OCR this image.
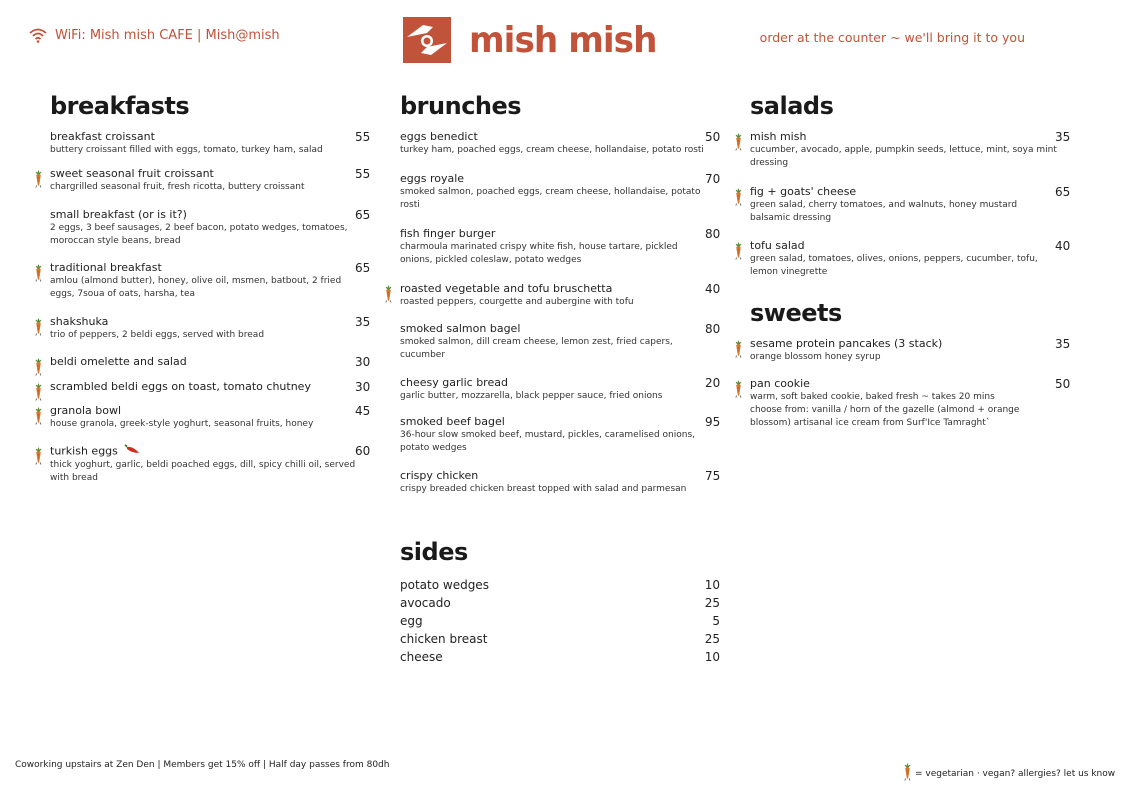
WiFi: Mish mish CAFE | Mish@mish	mish mish	order at the counter ~ we'll bring it to you
breakfasts
breakfast croissant
buttery croissant filled with eggs, tomato, turkey ham, salad
55
sweet seasonal fruit croissant
chargrilled seasonal fruit, fresh ricotta, buttery croissant
55
small breakfast (or is it?)
2 eggs, 3 beef sausages, 2 beef bacon, potato wedges, tomatoes, moroccan style beans, bread
65
traditional breakfast
amlou (almond butter), honey, olive oil, msmen, batbout, 2 fried eggs, 7soua of oats, harsha, tea
65
shakshuka
trio of peppers, 2 beldi eggs, served with bread
35
beldi omelette and salad	30
scrambled beldi eggs on toast, tomato chutney	30
granola bowl
house granola, greek-style yoghurt, seasonal fruits, honey
45
turkish eggs
thick yoghurt, garlic, beldi poached eggs, dill, spicy chilli oil, served with bread
60
brunches
eggs benedict
turkey ham, poached eggs, cream cheese, hollandaise, potato rosti
50
eggs royale
smoked salmon, poached eggs, cream cheese, hollandaise, potato rosti
70
fish finger burger
charmoula marinated crispy white fish, house tartare, pickled onions, pickled coleslaw, potato wedges
80
roasted vegetable and tofu bruschetta
roasted peppers, courgette and aubergine with tofu
40
smoked salmon bagel
smoked salmon, dill cream cheese, lemon zest, fried capers, cucumber
80
cheesy garlic bread
garlic butter, mozzarella, black pepper sauce, fried onions
20
smoked beef bagel
36-hour slow smoked beef, mustard, pickles, caramelised onions, potato wedges
95
crispy chicken
crispy breaded chicken breast topped with salad and parmesan
75
sides
potato wedges	10
avocado	25
egg	5
chicken breast	25
cheese	10
salads
mish mish
cucumber, avocado, apple, pumpkin seeds, lettuce, mint, soya mint dressing
35
fig + goats' cheese
green salad, cherry tomatoes, and walnuts, honey mustard balsamic dressing
65
tofu salad
green salad, tomatoes, olives, onions, peppers, cucumber, tofu, lemon vinegrette
40
sweets
sesame protein pancakes (3 stack)
orange blossom honey syrup
35
pan cookie
warm, soft baked cookie, baked fresh ~ takes 20 mins
choose from: vanilla / horn of the gazelle (almond + orange blossom) artisanal ice cream from Surf'Ice Tamraght`
50
Coworking upstairs at Zen Den | Members get 15% off | Half day passes from 80dh
= vegetarian · vegan? allergies? let us know
